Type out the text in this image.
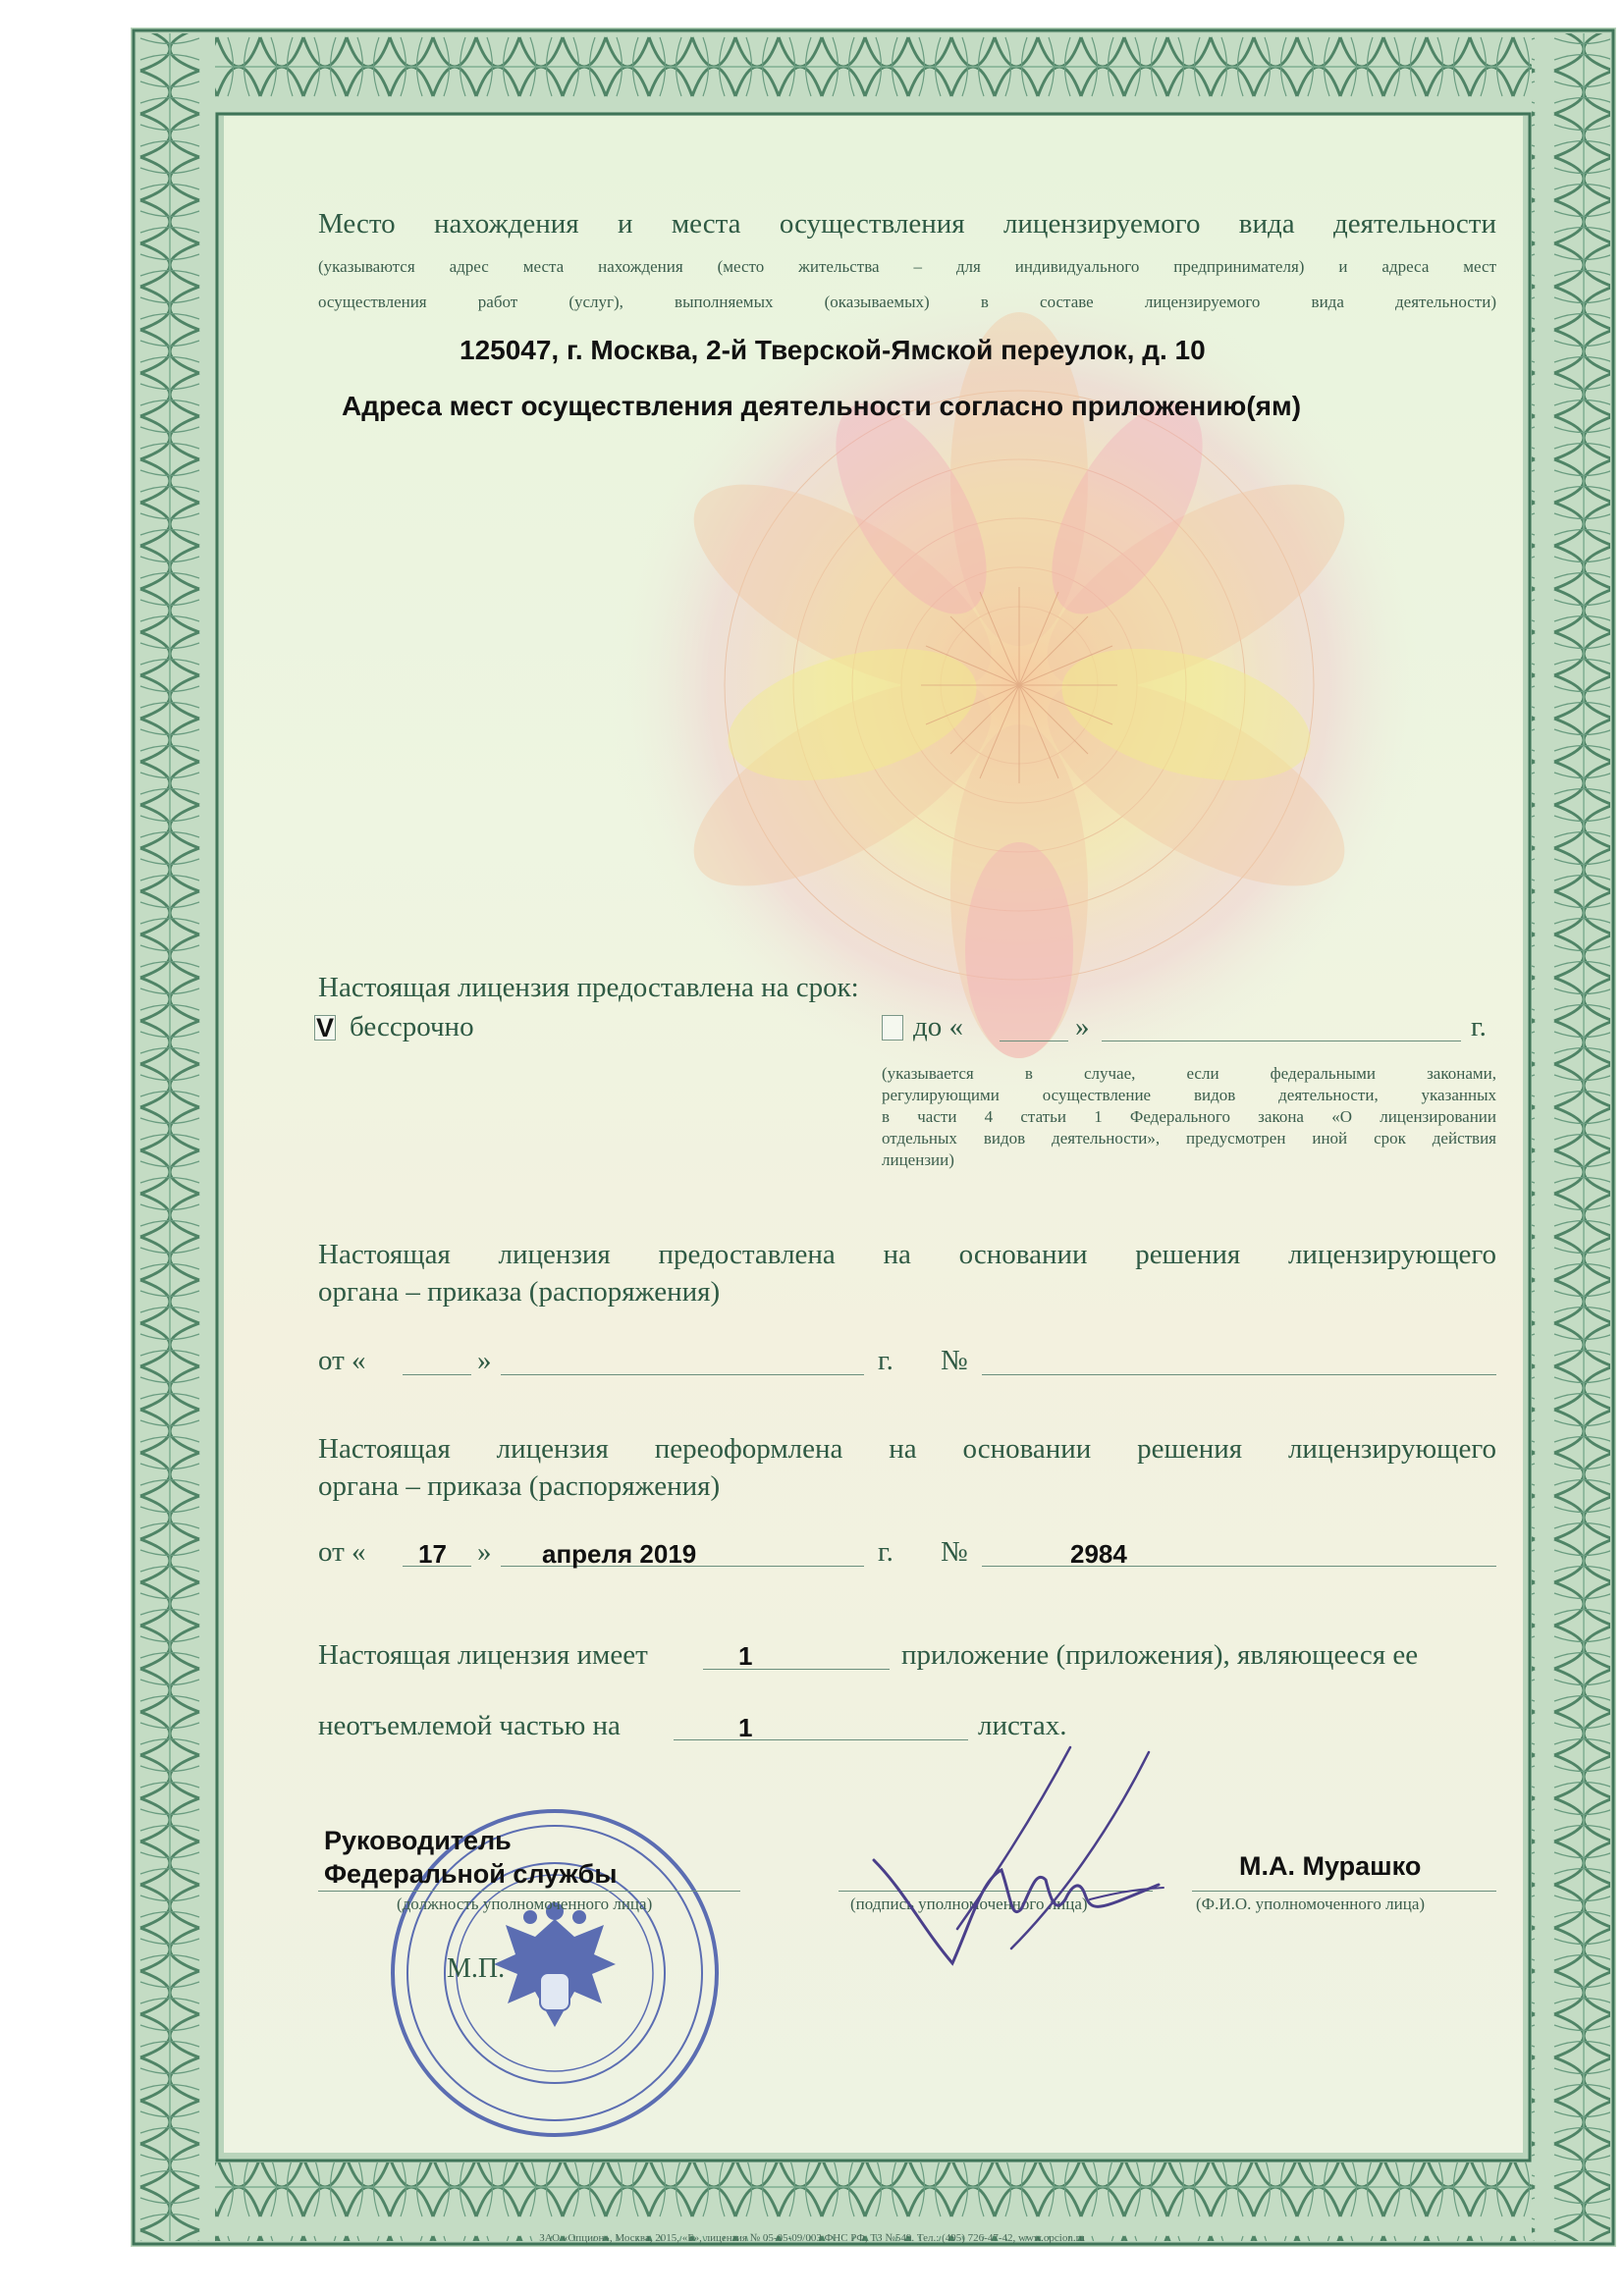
Место нахождения и места осуществления лицензируемого вида деятельности
(указываются адрес места нахождения (место жительства – для индивидуального предпринимателя) и адреса мест
осуществления работ (услуг), выполняемых (оказываемых) в составе лицензируемого вида деятельности)
125047, г. Москва, 2-й Тверской-Ямской переулок, д. 10
Адреса мест осуществления деятельности согласно приложению(ям)
Настоящая лицензия предоставлена на срок:
V бессрочно	до «	»	г.
(указывается в случае, если федеральными законами,
регулирующими осуществление видов деятельности, указанных
в части 4 статьи 1 Федерального закона «О лицензировании
отдельных видов деятельности», предусмотрен иной срок действия
лицензии)
Настоящая лицензия предоставлена на основании решения лицензирующего
органа – приказа (распоряжения)
от «	»	г. №
Настоящая лицензия переоформлена на основании решения лицензирующего
органа – приказа (распоряжения)
от « 17 » апреля 2019	г. №	2984
Настоящая лицензия имеет	1	приложение (приложения), являющееся ее
неотъемлемой частью на	1	листах.
Руководитель
Федеральной службы
(должность уполномоченного лица)	(подпись уполномоченного лица)
М.А. Мурашко
(Ф.И.О. уполномоченного лица)
М.П.
ЗАО «Опцион», Москва, 2015, «Б», лицензия № 05-05-09/003 ФНС РФ, ТЗ №549. Тел.: (495) 726-47-42, www.opcion.ru
